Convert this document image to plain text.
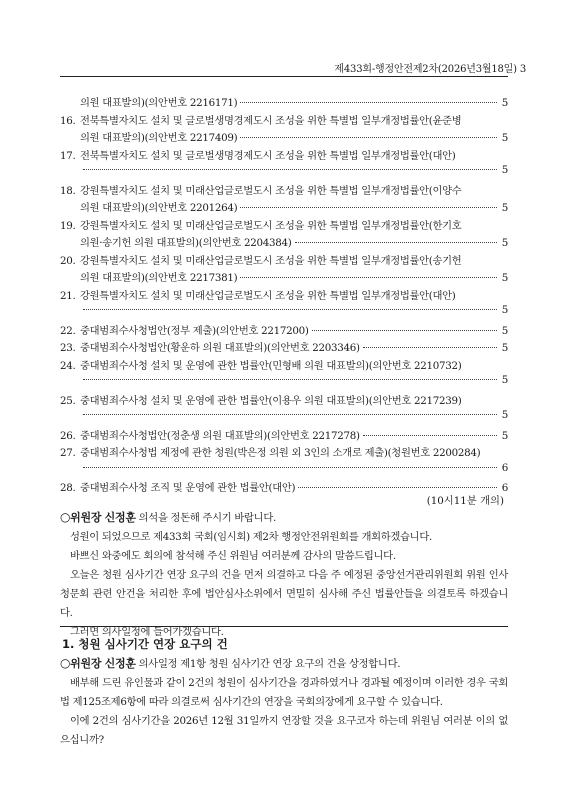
제433회-행정안전제2차(2026년3월18일) 3
의원 대표발의)(의안번호 2216171)	5
16. 전북특별자치도 설치 및 글로벌생명경제도시 조성을 위한 특별법 일부개정법률안(윤준병
의원 대표발의)(의안번호 2217409)	5
17. 전북특별자치도 설치 및 글로벌생명경제도시 조성을 위한 특별법 일부개정법률안(대안)
5
18. 강원특별자치도 설치 및 미래산업글로벌도시 조성을 위한 특별법 일부개정법률안(이양수
의원 대표발의)(의안번호 2201264)	5
19. 강원특별자치도 설치 및 미래산업글로벌도시 조성을 위한 특별법 일부개정법률안(한기호
의원·송기헌 의원 대표발의)(의안번호 2204384)	5
20. 강원특별자치도 설치 및 미래산업글로벌도시 조성을 위한 특별법 일부개정법률안(송기헌
의원 대표발의)(의안번호 2217381)	5
21. 강원특별자치도 설치 및 미래산업글로벌도시 조성을 위한 특별법 일부개정법률안(대안)
5
22. 중대범죄수사청법안(정부 제출)(의안번호 2217200)	5
23. 중대범죄수사청법안(황운하 의원 대표발의)(의안번호 2203346)	5
24. 중대범죄수사청 설치 및 운영에 관한 법률안(민형배 의원 대표발의)(의안번호 2210732)
5
25. 중대범죄수사청 설치 및 운영에 관한 법률안(이용우 의원 대표발의)(의안번호 2217239)
5
26. 중대범죄수사청법안(정춘생 의원 대표발의)(의안번호 2217278)	5
27. 중대범죄수사청법 제정에 관한 청원(박은정 의원 외 3인의 소개로 제출)(청원번호 2200284)
6
28. 중대범죄수사청 조직 및 운영에 관한 법률안(대안)	6
(10시11분 개의)

○위원장 신정훈 의석을 정돈해 주시기 바랍니다.

성원이 되었으므로 제433회 국회(임시회) 제2차 행정안전위원회를 개회하겠습니다.

바쁘신 와중에도 회의에 참석해 주신 위원님 여러분께 감사의 말씀드립니다.

오늘은 청원 심사기간 연장 요구의 건을 먼저 의결하고 다음 주 예정된 중앙선거관리위원회 위원 인사청문회 관련 안건을 처리한 후에 법안심사소위에서 면밀히 심사해 주신 법률안들을 의결토록 하겠습니다.

그러면 의사일정에 들어가겠습니다.

1. 청원 심사기간 연장 요구의 건

○위원장 신정훈 의사일정 제1항 청원 심사기간 연장 요구의 건을 상정합니다.

배부해 드린 유인물과 같이 2건의 청원이 심사기간을 경과하였거나 경과될 예정이며 이러한 경우 국회법 제125조제6항에 따라 의결로써 심사기간의 연장을 국회의장에게 요구할 수 있습니다.

이에 2건의 심사기간을 2026년 12월 31일까지 연장할 것을 요구코자 하는데 위원님 여러분 이의 없으십니까?
